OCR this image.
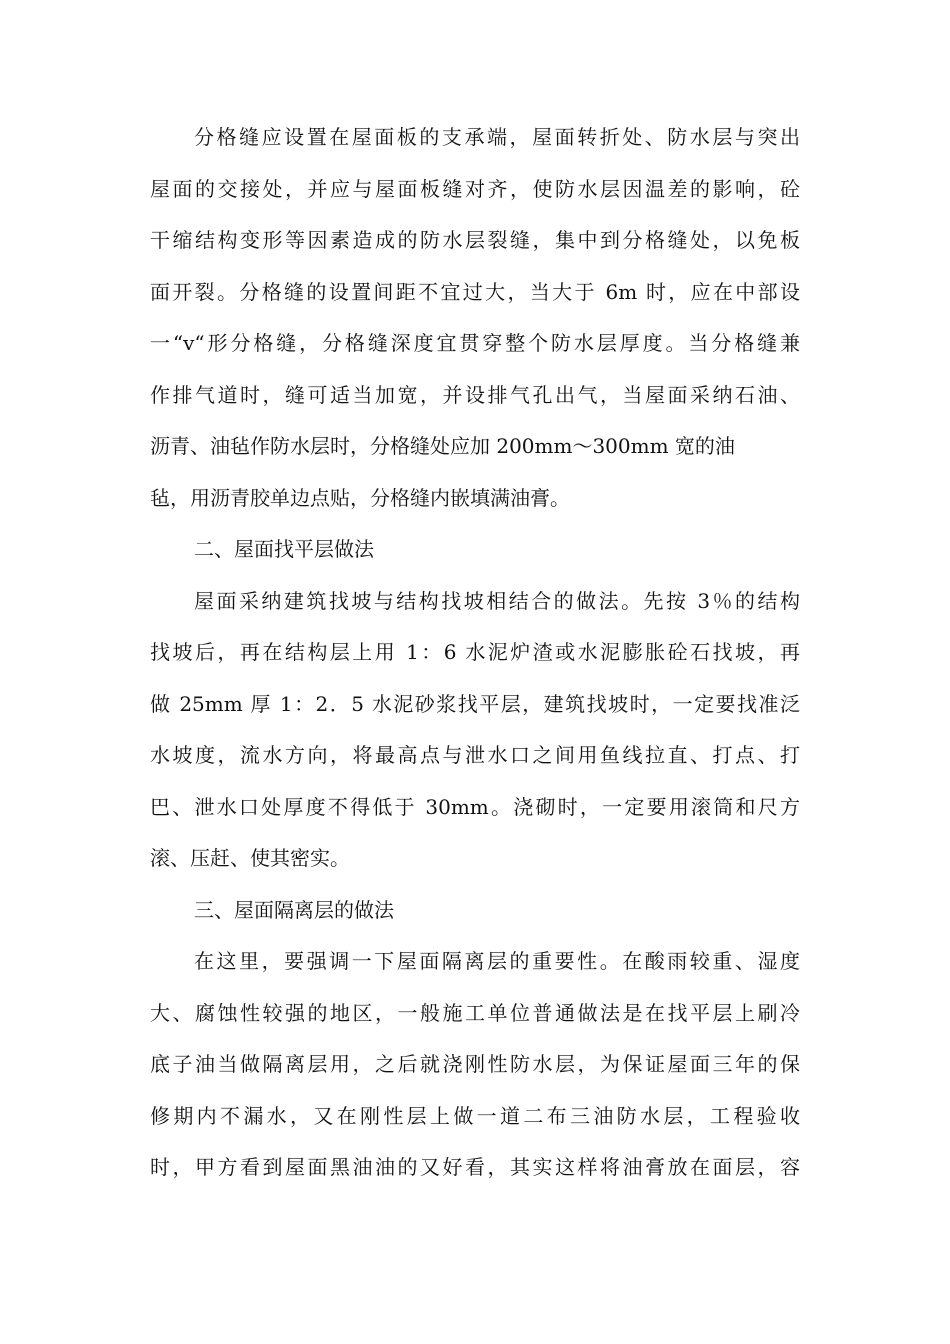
分格缝应设置在屋面板的支承端，屋面转折处、防水层与突出
屋面的交接处，并应与屋面板缝对齐，使防水层因温差的影响，砼
干缩结构变形等因素造成的防水层裂缝，集中到分格缝处，以免板
面开裂。分格缝的设置间距不宜过大，当大于 6m 时，应在中部设
一“v“形分格缝，分格缝深度宜贯穿整个防水层厚度。当分格缝兼
作排气道时，缝可适当加宽，并设排气孔出气，当屋面采纳石油、
沥青、油毡作防水层时，分格缝处应加 200mm～300mm 宽的油
毡，用沥青胶单边点贴，分格缝内嵌填满油膏。
二、屋面找平层做法
屋面采纳建筑找坡与结构找坡相结合的做法。先按 3％的结构
找坡后，再在结构层上用 1：6 水泥炉渣或水泥膨胀砼石找坡，再
做 25mm 厚 1：2．5 水泥砂浆找平层，建筑找坡时，一定要找准泛
水坡度，流水方向，将最高点与泄水口之间用鱼线拉直、打点、打
巴、泄水口处厚度不得低于 30mm。浇砌时，一定要用滚筒和尺方
滚、压赶、使其密实。
三、屋面隔离层的做法
在这里，要强调一下屋面隔离层的重要性。在酸雨较重、湿度
大、腐蚀性较强的地区，一般施工单位普通做法是在找平层上刷冷
底子油当做隔离层用，之后就浇刚性防水层，为保证屋面三年的保
修期内不漏水，又在刚性层上做一道二布三油防水层，工程验收
时，甲方看到屋面黑油油的又好看，其实这样将油膏放在面层，容
